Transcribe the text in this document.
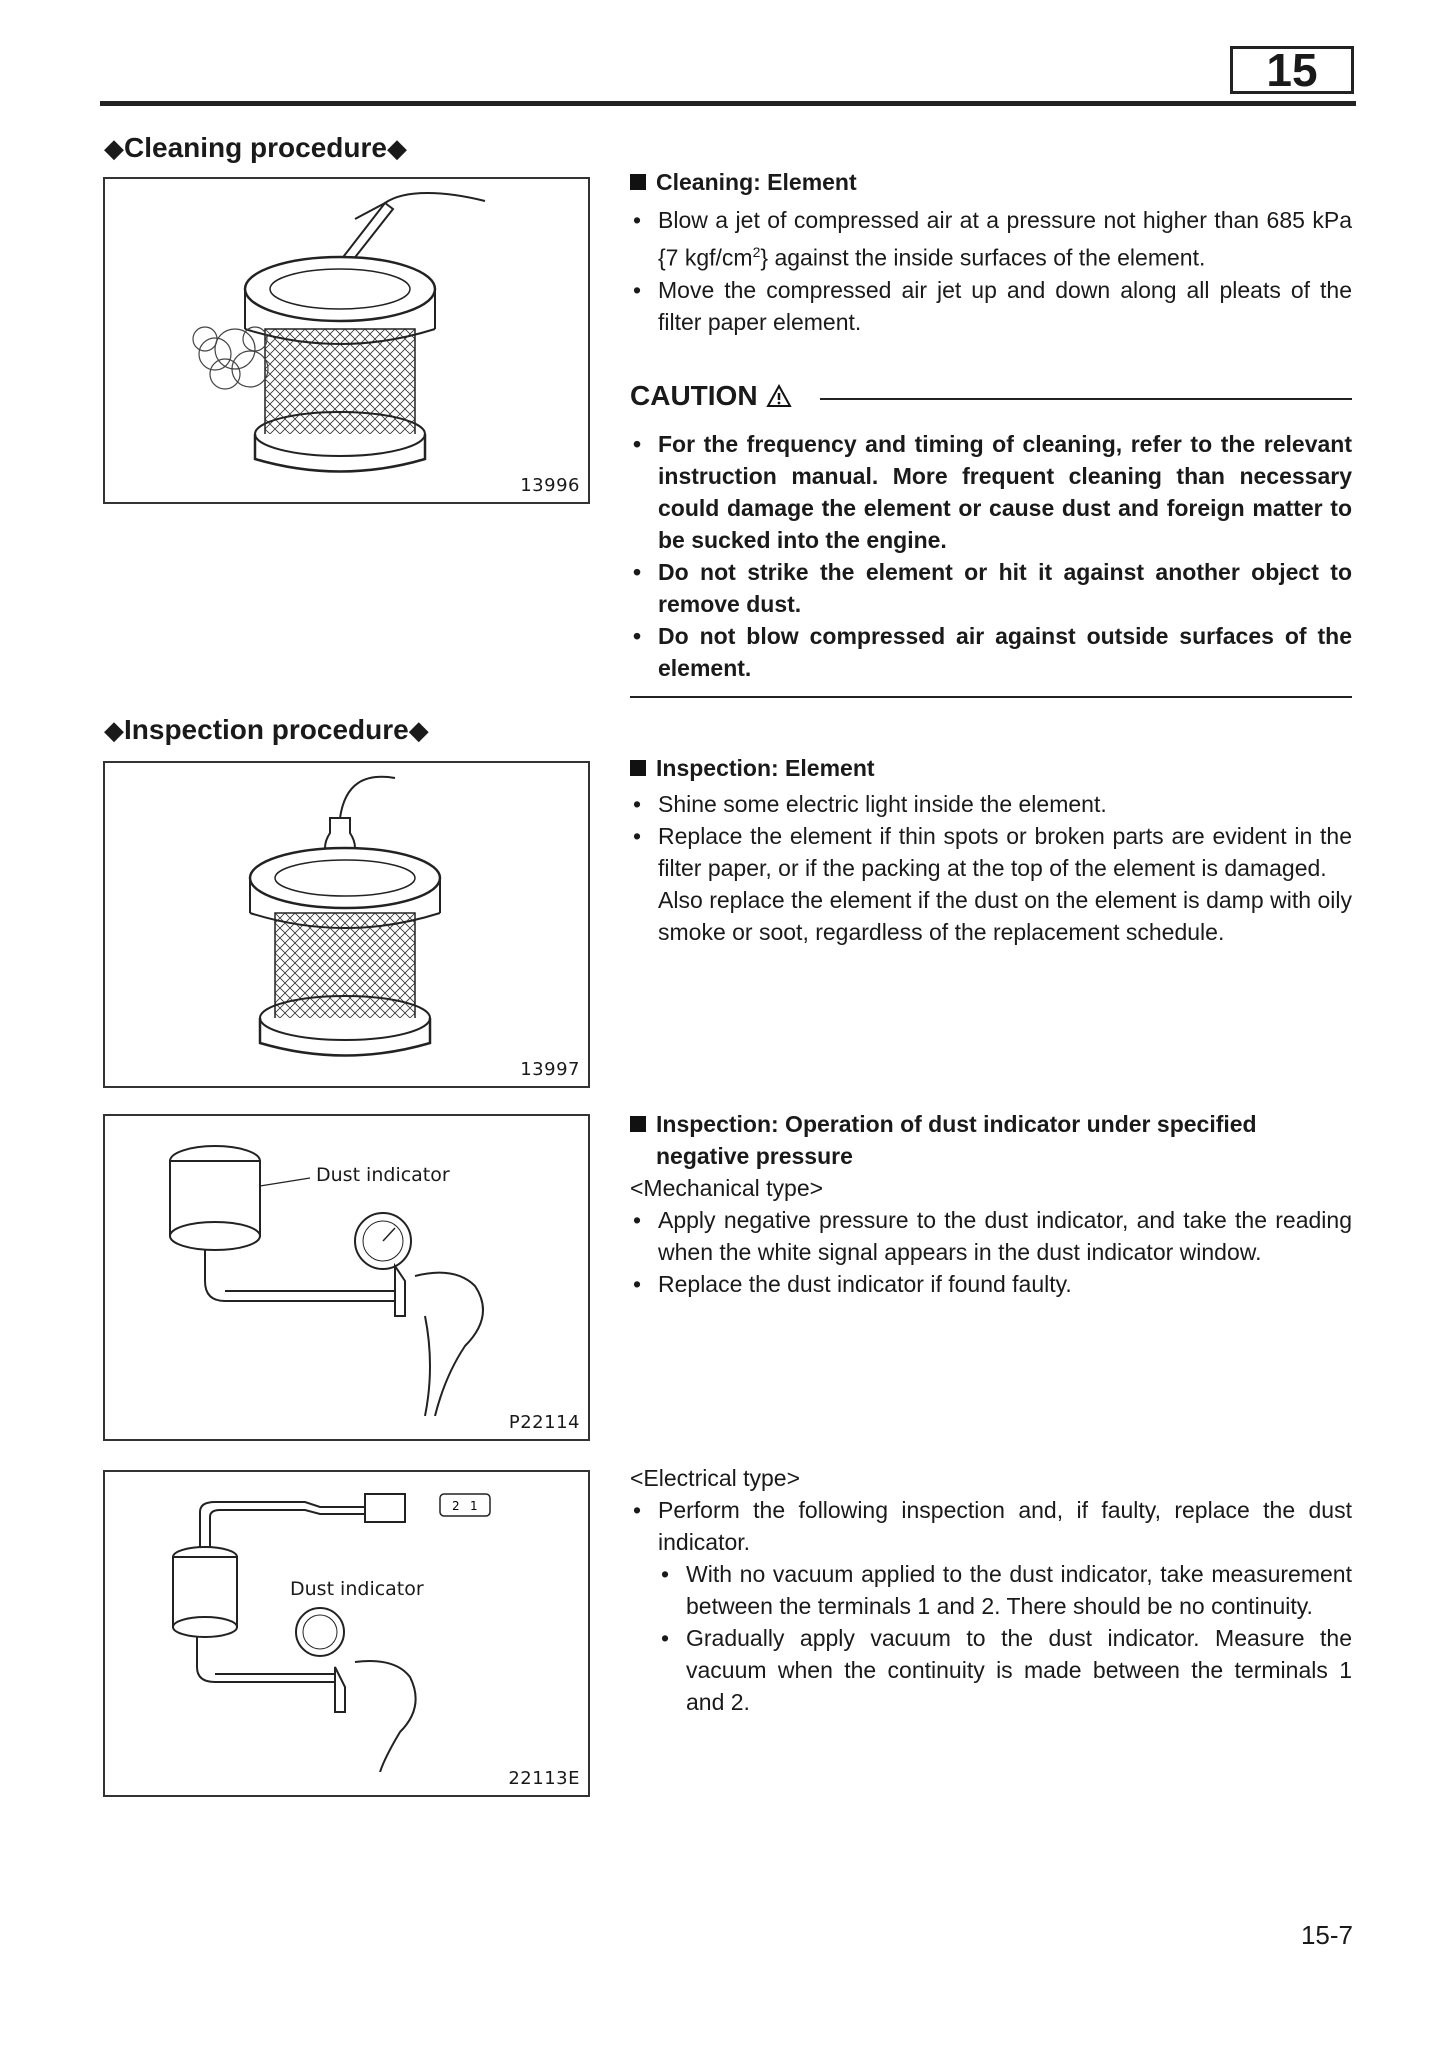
15
◆Cleaning procedure◆
13996
Cleaning: Element
• Blow a jet of compressed air at a pressure not higher than 685 kPa {7 kgf/$cm^2$} against the inside surfaces of the element.
• Move the compressed air jet up and down along all pleats of the filter paper element.
CAUTION
• For the frequency and timing of cleaning, refer to the relevant instruction manual. More frequent cleaning than necessary could damage the element or cause dust and foreign matter to be sucked into the engine.
• Do not strike the element or hit it against another object to remove dust.
• Do not blow compressed air against outside surfaces of the element.
◆Inspection procedure◆
13997
Inspection: Element
• Shine some electric light inside the element.
• Replace the element if thin spots or broken parts are evident in the filter paper, or if the packing at the top of the element is damaged.
Also replace the element if the dust on the element is damp with oily smoke or soot, regardless of the replacement schedule.
Dust indicator
P22114
Inspection: Operation of dust indicator under specified negative pressure
<Mechanical type>
• Apply negative pressure to the dust indicator, and take the reading when the white signal appears in the dust indicator window.
• Replace the dust indicator if found faulty.
2 1
Dust indicator
22113E
<Electrical type>
• Perform the following inspection and, if faulty, replace the dust indicator.
• With no vacuum applied to the dust indicator, take measurement between the terminals 1 and 2. There should be no continuity.
• Gradually apply vacuum to the dust indicator. Measure the vacuum when the continuity is made between the terminals 1 and 2.
15-7
